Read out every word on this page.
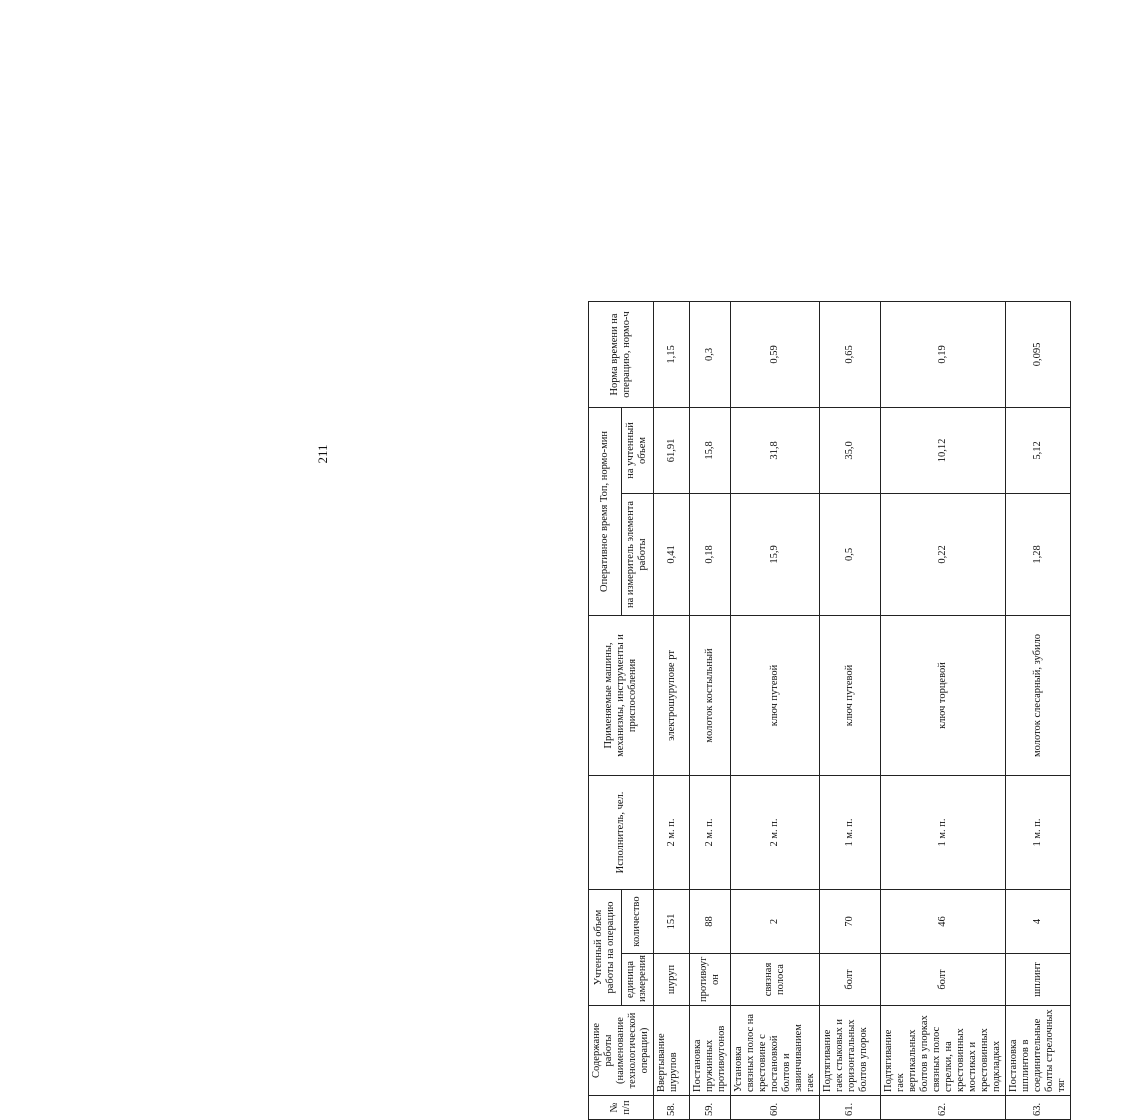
211
№ п/п	Содержание работы (наименование технологической операции)	Учтенный объем работы на операцию		Исполнитель, чел.	Применяемые машины, механизмы, инструменты и приспособления	Оперативное время Топ, нормо-мин		Норма времени на операцию, нормо-ч
		единица измерения	количество			на измеритель элемента работы	на учтенный объем	
58.	Ввертывание шурупов	шуруп	151	2 м. п.	электрошурупове рт	0,41	61,91	1,15
59.	Постановка пружинных противоугонов	противоуг он	88	2 м. п.	молоток костыльный	0,18	15,8	0,3
60.	Установка связных полос на крестовине с постановкой болтов и завинчиванием гаек	связная полоса	2	2 м. п.	ключ путевой	15,9	31,8	0,59
61.	Подтягивание гаек стыковых и горизонтальных болтов упорок	болт	70	1 м. п.	ключ путевой	0,5	35,0	0,65
62.	Подтягивание гаек вертикальных болтов в упорках связных полос стрелки, на крестовинных мостиках и крестовинных подкладках	болт	46	1 м. п.	ключ торцевой	0,22	10,12	0,19
63.	Постановка шплинтов в соединительные болты стрелочных тяг	шплинт	4	1 м. п.	молоток слесарный, зубило	1,28	5,12	0,095
